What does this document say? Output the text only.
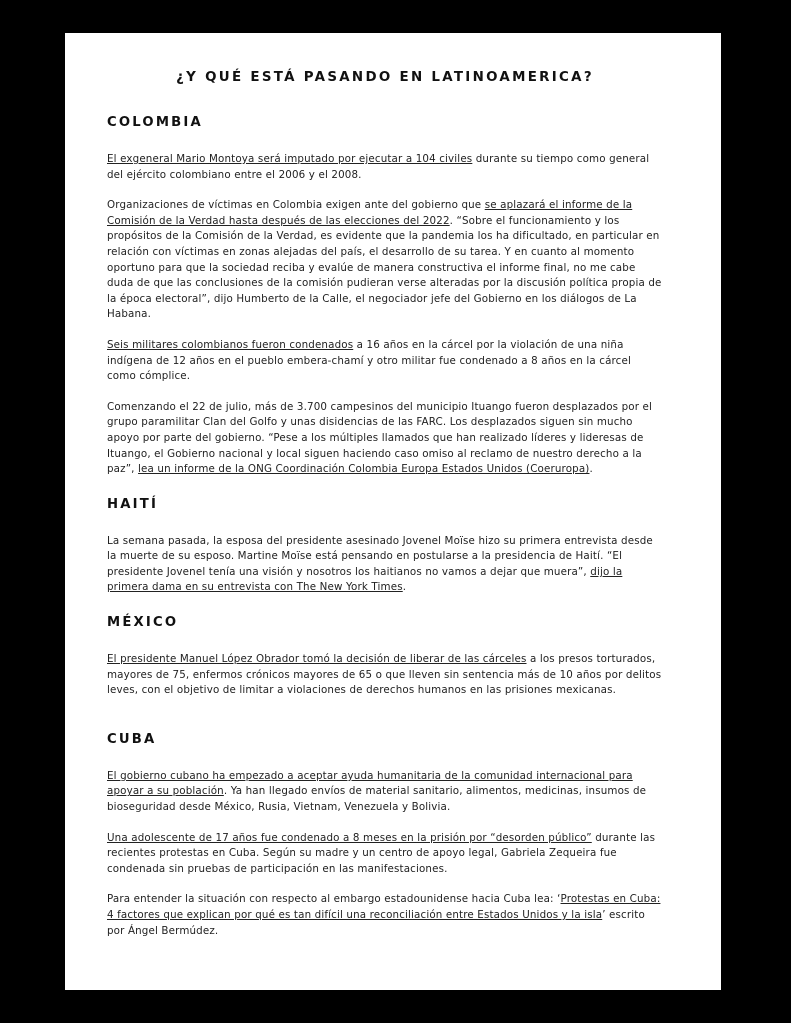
¿Y QUÉ ESTÁ PASANDO EN LATINOAMERICA?
COLOMBIA

El exgeneral Mario Montoya será imputado por ejecutar a 104 civiles durante su tiempo como general del ejército colombiano entre el 2006 y el 2008.

Organizaciones de víctimas en Colombia exigen ante del gobierno que se aplazará el informe de la Comisión de la Verdad hasta después de las elecciones del 2022. “Sobre el funcionamiento y los propósitos de la Comisión de la Verdad, es evidente que la pandemia los ha dificultado, en particular en relación con víctimas en zonas alejadas del país, el desarrollo de su tarea. Y en cuanto al momento oportuno para que la sociedad reciba y evalúe de manera constructiva el informe final, no me cabe duda de que las conclusiones de la comisión pudieran verse alteradas por la discusión política propia de la época electoral”, dijo Humberto de la Calle, el negociador jefe del Gobierno en los diálogos de La Habana.

Seis militares colombianos fueron condenados a 16 años en la cárcel por la violación de una niña indígena de 12 años en el pueblo embera-chamí y otro militar fue condenado a 8 años en la cárcel como cómplice.

Comenzando el 22 de julio, más de 3.700 campesinos del municipio Ituango fueron desplazados por el grupo paramilitar Clan del Golfo y unas disidencias de las FARC. Los desplazados siguen sin mucho apoyo por parte del gobierno. “Pese a los múltiples llamados que han realizado líderes y lideresas de Ituango, el Gobierno nacional y local siguen haciendo caso omiso al reclamo de nuestro derecho a la paz”, lea un informe de la ONG Coordinación Colombia Europa Estados Unidos (Coeruropa).

HAITÍ

La semana pasada, la esposa del presidente asesinado Jovenel Moïse hizo su primera entrevista desde la muerte de su esposo. Martine Moïse está pensando en postularse a la presidencia de Haití. “El presidente Jovenel tenía una visión y nosotros los haitianos no vamos a dejar que muera”, dijo la primera dama en su entrevista con The New York Times.

MÉXICO

El presidente Manuel López Obrador tomó la decisión de liberar de las cárceles a los presos torturados, mayores de 75, enfermos crónicos mayores de 65 o que lleven sin sentencia más de 10 años por delitos leves, con el objetivo de limitar a violaciones de derechos humanos en las prisiones mexicanas.

CUBA

El gobierno cubano ha empezado a aceptar ayuda humanitaria de la comunidad internacional para apoyar a su población. Ya han llegado envíos de material sanitario, alimentos, medicinas, insumos de bioseguridad desde México, Rusia, Vietnam, Venezuela y Bolivia.

Una adolescente de 17 años fue condenado a 8 meses en la prisión por “desorden público” durante las recientes protestas en Cuba. Según su madre y un centro de apoyo legal, Gabriela Zequeira fue condenada sin pruebas de participación en las manifestaciones.

Para entender la situación con respecto al embargo estadounidense hacia Cuba lea: ‘Protestas en Cuba: 4 factores que explican por qué es tan difícil una reconciliación entre Estados Unidos y la isla’ escrito por Ángel Bermúdez.
